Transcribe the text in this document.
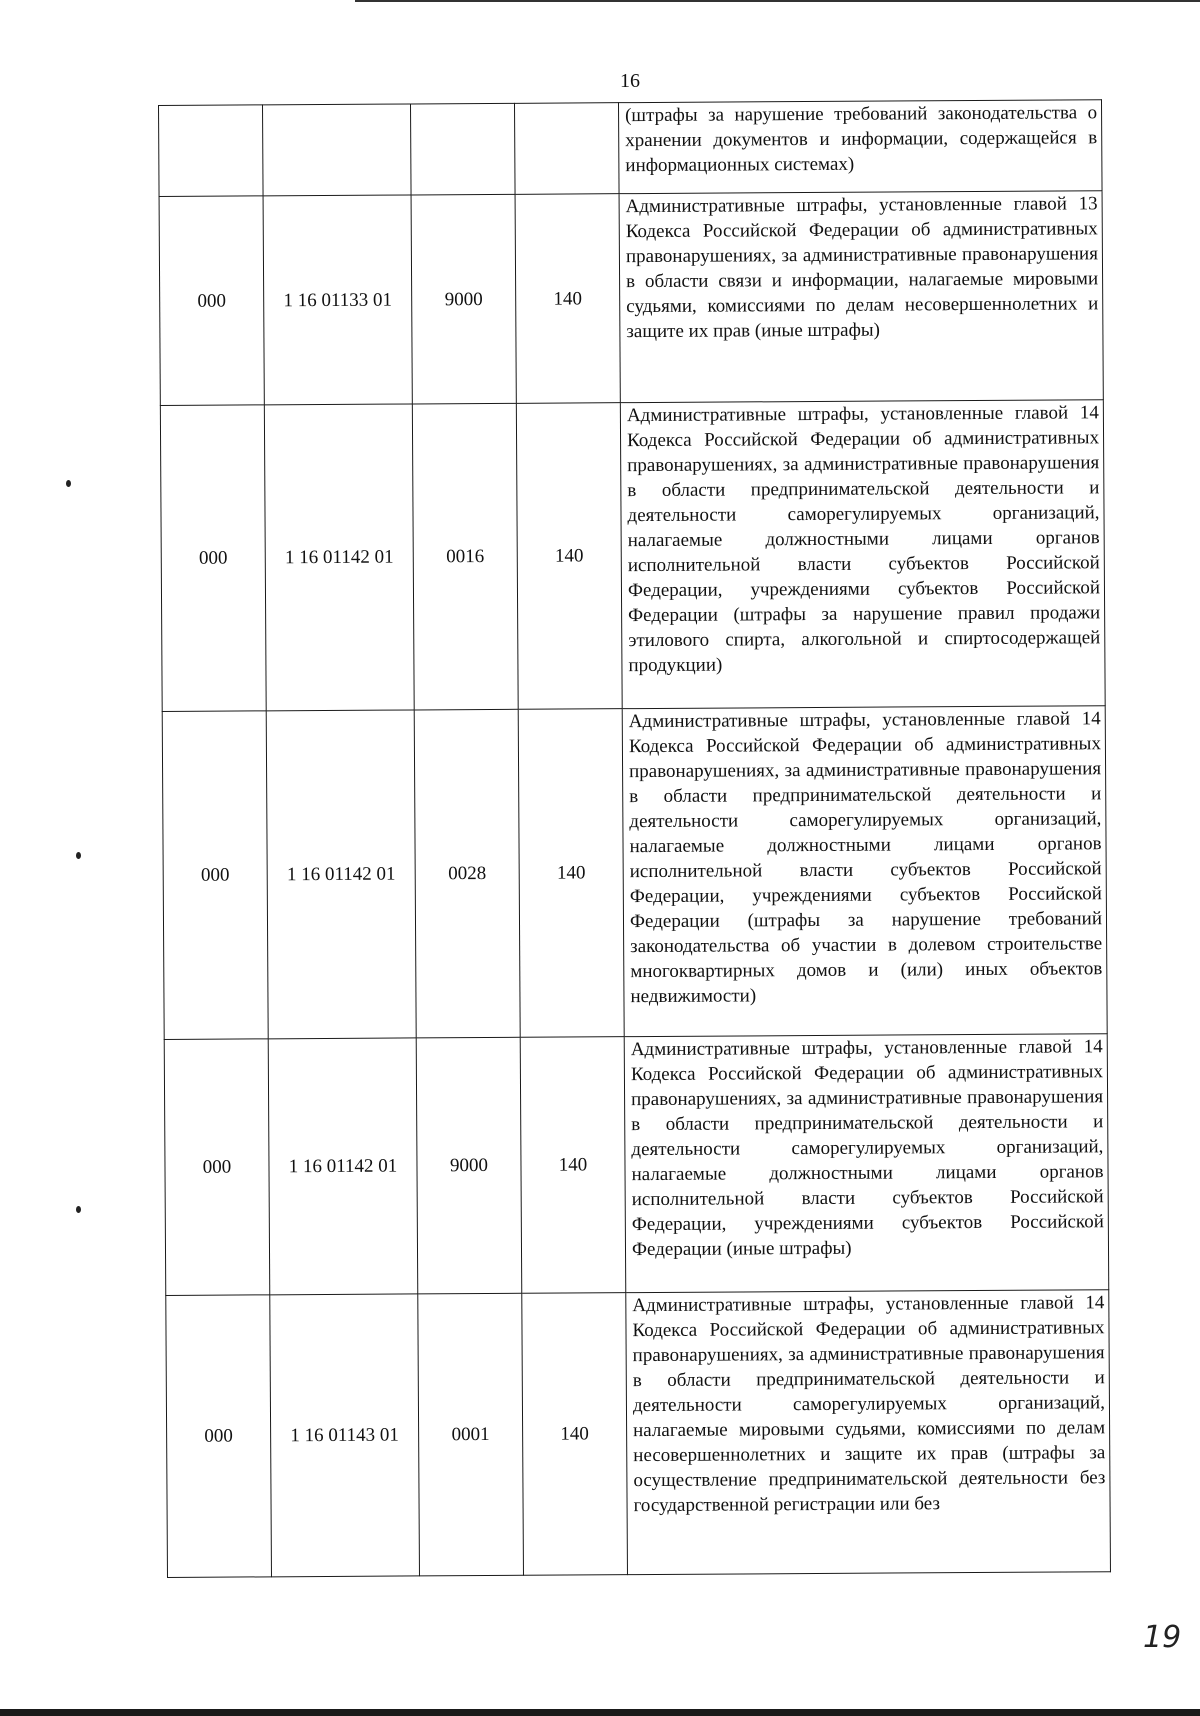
16
				(штрафы за нарушение требований законодательства о хранении документов и информации, содержащейся в информационных системах)
000	1 16 01133 01	9000	140	Административные штрафы, установленные главой 13 Кодекса Российской Федерации об административных правонарушениях, за административные правонарушения в области связи и информации, налагаемые мировыми судьями, комиссиями по делам несовершеннолетних и защите их прав (иные штрафы)
000	1 16 01142 01	0016	140	Административные штрафы, установленные главой 14 Кодекса Российской Федерации об административных правонарушениях, за административные правонарушения в области предпринимательской деятельности и деятельности саморегулируемых организаций, налагаемые должностными лицами органов исполнительной власти субъектов Российской Федерации, учреждениями субъектов Российской Федерации (штрафы за нарушение правил продажи этилового спирта, алкогольной и спиртосодержащей продукции)
000	1 16 01142 01	0028	140	Административные штрафы, установленные главой 14 Кодекса Российской Федерации об административных правонарушениях, за административные правонарушения в области предпринимательской деятельности и деятельности саморегулируемых организаций, налагаемые должностными лицами органов исполнительной власти субъектов Российской Федерации, учреждениями субъектов Российской Федерации (штрафы за нарушение требований законодательства об участии в долевом строительстве многоквартирных домов и (или) иных объектов недвижимости)
000	1 16 01142 01	9000	140	Административные штрафы, установленные главой 14 Кодекса Российской Федерации об административных правонарушениях, за административные правонарушения в области предпринимательской деятельности и деятельности саморегулируемых организаций, налагаемые должностными лицами органов исполнительной власти субъектов Российской Федерации, учреждениями субъектов Российской Федерации (иные штрафы)
000	1 16 01143 01	0001	140	Административные штрафы, установленные главой 14 Кодекса Российской Федерации об административных правонарушениях, за административные правонарушения в области предпринимательской деятельности и деятельности саморегулируемых организаций, налагаемые мировыми судьями, комиссиями по делам несовершеннолетних и защите их прав (штрафы за осуществление предпринимательской деятельности без государственной регистрации или без
19
